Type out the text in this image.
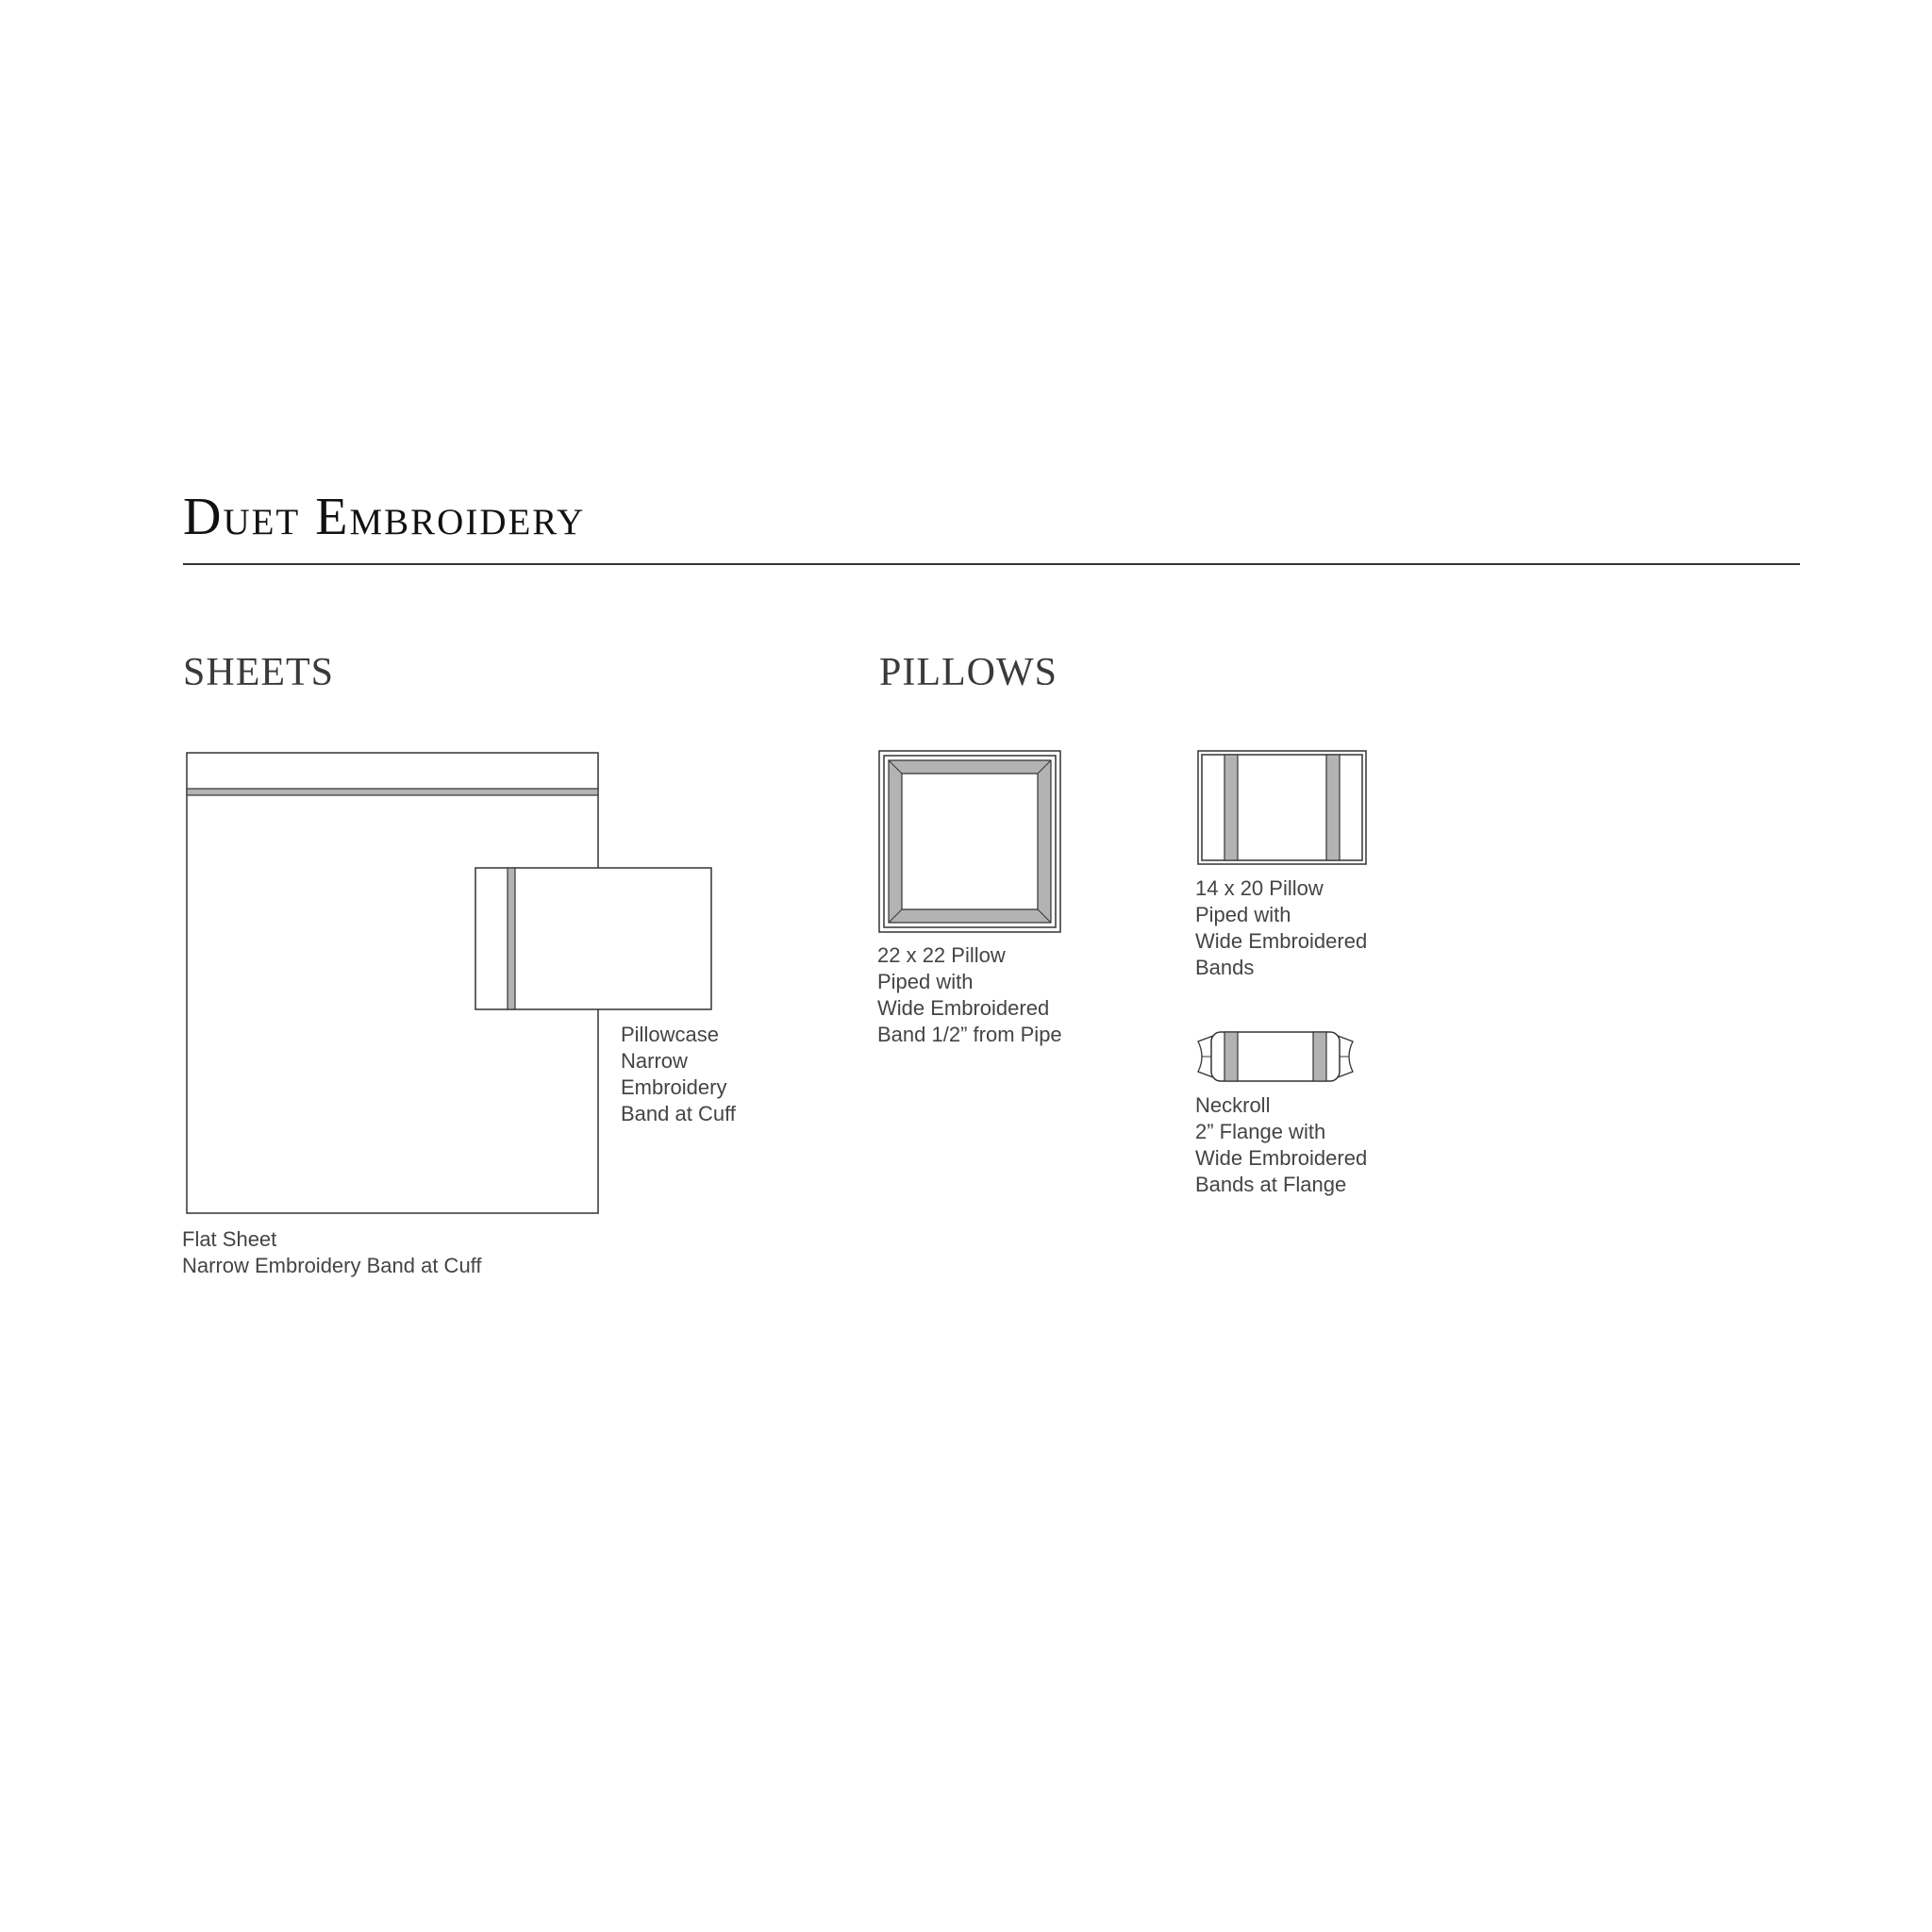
Duet Embroidery
SHEETS	PILLOWS
Flat Sheet
Narrow Embroidery Band at Cuff
Pillowcase
Narrow
Embroidery
Band at Cuff
22 x 22 Pillow
Piped with
Wide Embroidered
Band 1/2” from Pipe
14 x 20 Pillow
Piped with
Wide Embroidered
Bands
Neckroll
2” Flange with
Wide Embroidered
Bands at Flange
